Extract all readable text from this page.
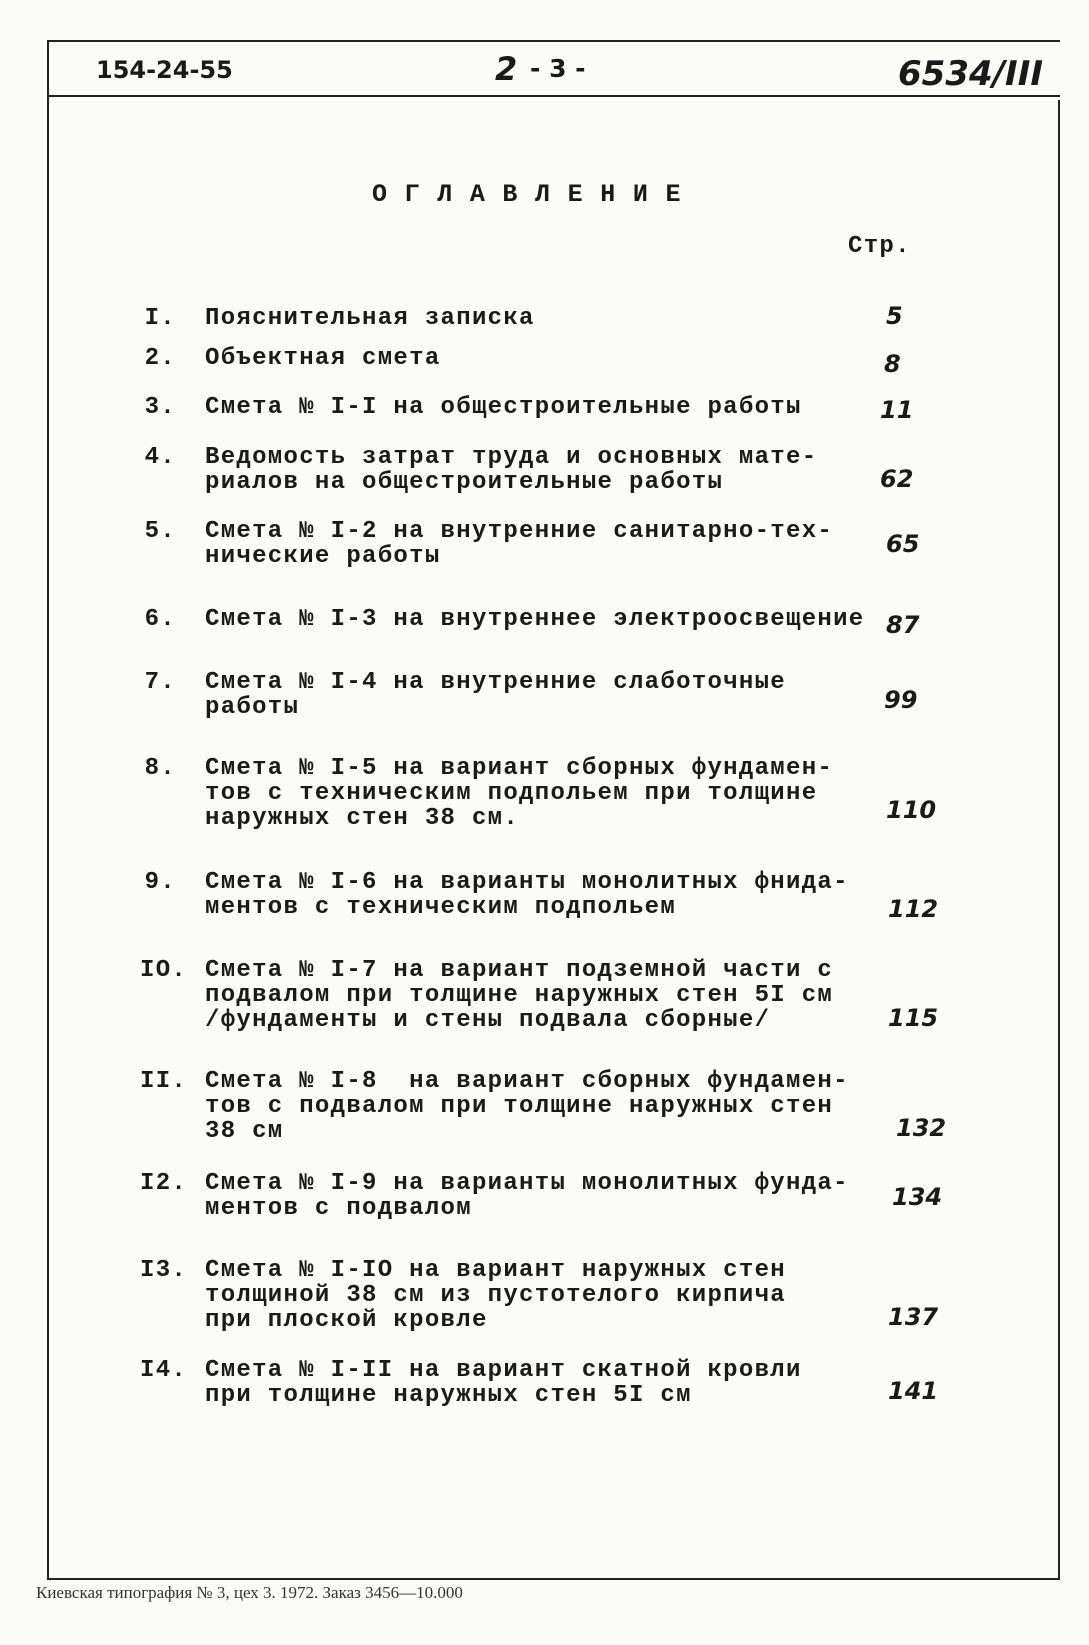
154-24-55	2 - 3 -	6534/III
О Г Л А В Л Е Н И Е
Стр.
I. Пояснительная записка	5
2. Объектная смета	8
3. Смета № I-I на общестроительные работы	11
4. Ведомость затрат труда и основных мате-
риалов на общестроительные работы	62
5. Смета № I-2 на внутренние санитарно-тех-
нические работы	65
6. Смета № I-3 на внутреннее электроосвещение 87
7. Смета № I-4 на внутренние слаботочные
работы	99
8. Смета № I-5 на вариант сборных фундамен-
тов с техническим подпольем при толщине
наружных стен 38 см.	110
9. Смета № I-6 на варианты монолитных фнида-
ментов с техническим подпольем	112
IO. Смета № I-7 на вариант подземной части с
подвалом при толщине наружных стен 5I см
/фундаменты и стены подвала сборные/	115
II. Смета № I-8  на вариант сборных фундамен-
тов с подвалом при толщине наружных стен
38 см	132
I2. Смета № I-9 на варианты монолитных фунда-
ментов с подвалом	134
I3. Смета № I-IO на вариант наружных стен
толщиной 38 см из пустотелого кирпича
при плоской кровле	137
I4. Смета № I-II на вариант скатной кровли
при толщине наружных стен 5I см	141
Киевская типография № 3, цех 3. 1972. Заказ 3456—10.000
